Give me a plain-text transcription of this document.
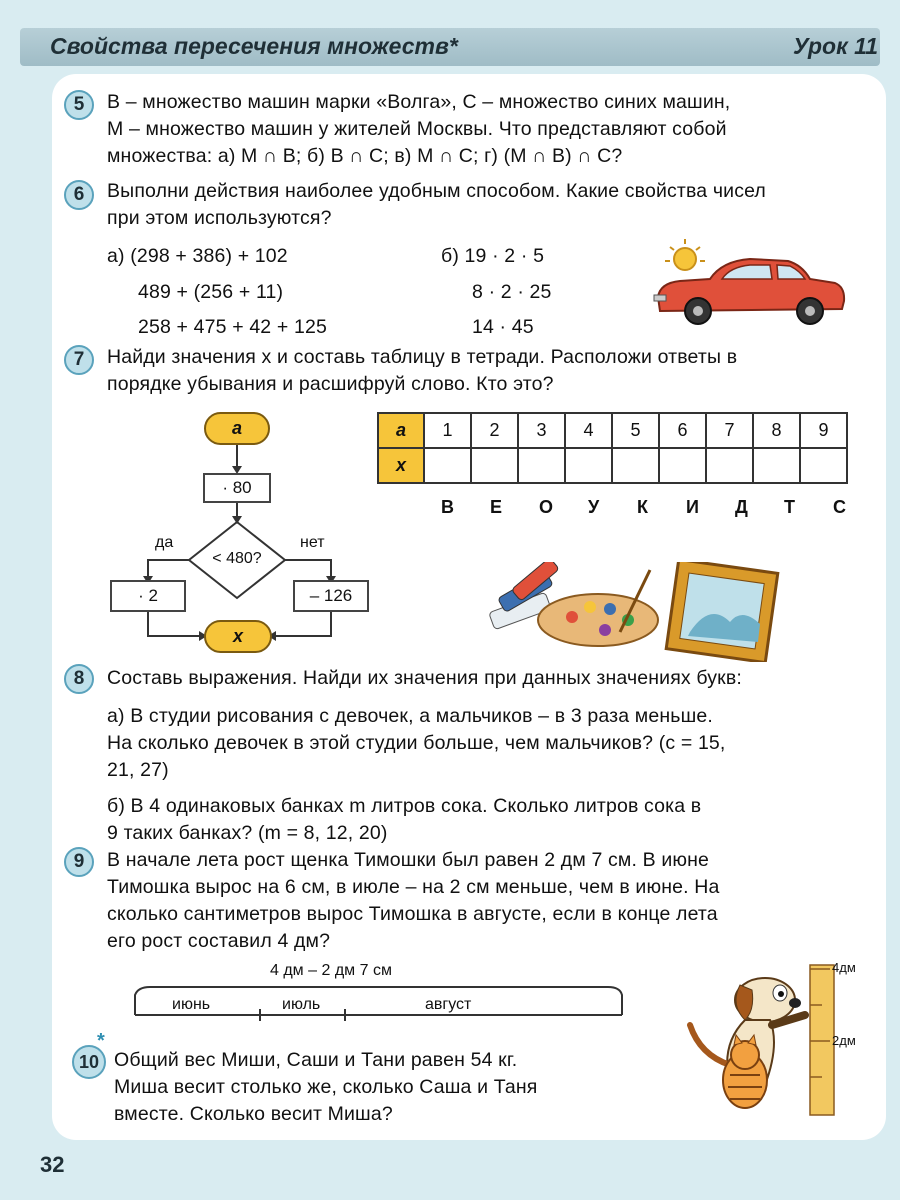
Свойства пересечения множеств*	Урок 11
5	B – множество машин марки «Волга», C – множество синих машин,
M – множество машин у жителей Москвы. Что представляют собой
множества: а) M ∩ B; б) B ∩ C; в) M ∩ C; г) (M ∩ B) ∩ C?
6	Выполни действия наиболее удобным способом. Какие свойства чисел
при этом используются?
а) (298 + 386) + 102
489 + (256 + 11)
258 + 475 + 42 + 125
б) 19 · 2 · 5
8 · 2 · 25
14 · 45
7	Найди значения x и составь таблицу в тетради. Расположи ответы в
порядке убывания и расшифруй слово. Кто это?
a
· 80
< 480?
да	нет
· 2	– 126
x
a	1	2	3	4	5	6	7	8	9
x									
В Е О У К И Д Т С
8	Составь выражения. Найди их значения при данных значениях букв:
а) В студии рисования c девочек, а мальчиков – в 3 раза меньше.
На сколько девочек в этой студии больше, чем мальчиков? (c = 15,
21, 27)
б) В 4 одинаковых банках m литров сока. Сколько литров сока в
9 таких банках? (m = 8, 12, 20)
9	В начале лета рост щенка Тимошки был равен 2 дм 7 см. В июне
Тимошка вырос на 6 см, в июле – на 2 см меньше, чем в июне. На
сколько сантиметров вырос Тимошка в августе, если в конце лета
его рост составил 4 дм?
4 дм – 2 дм 7 см
июнь	июль	август
4дм
2дм
10
*
Общий вес Миши, Саши и Тани равен 54 кг.
Миша весит столько же, сколько Саша и Таня
вместе. Сколько весит Миша?
32
